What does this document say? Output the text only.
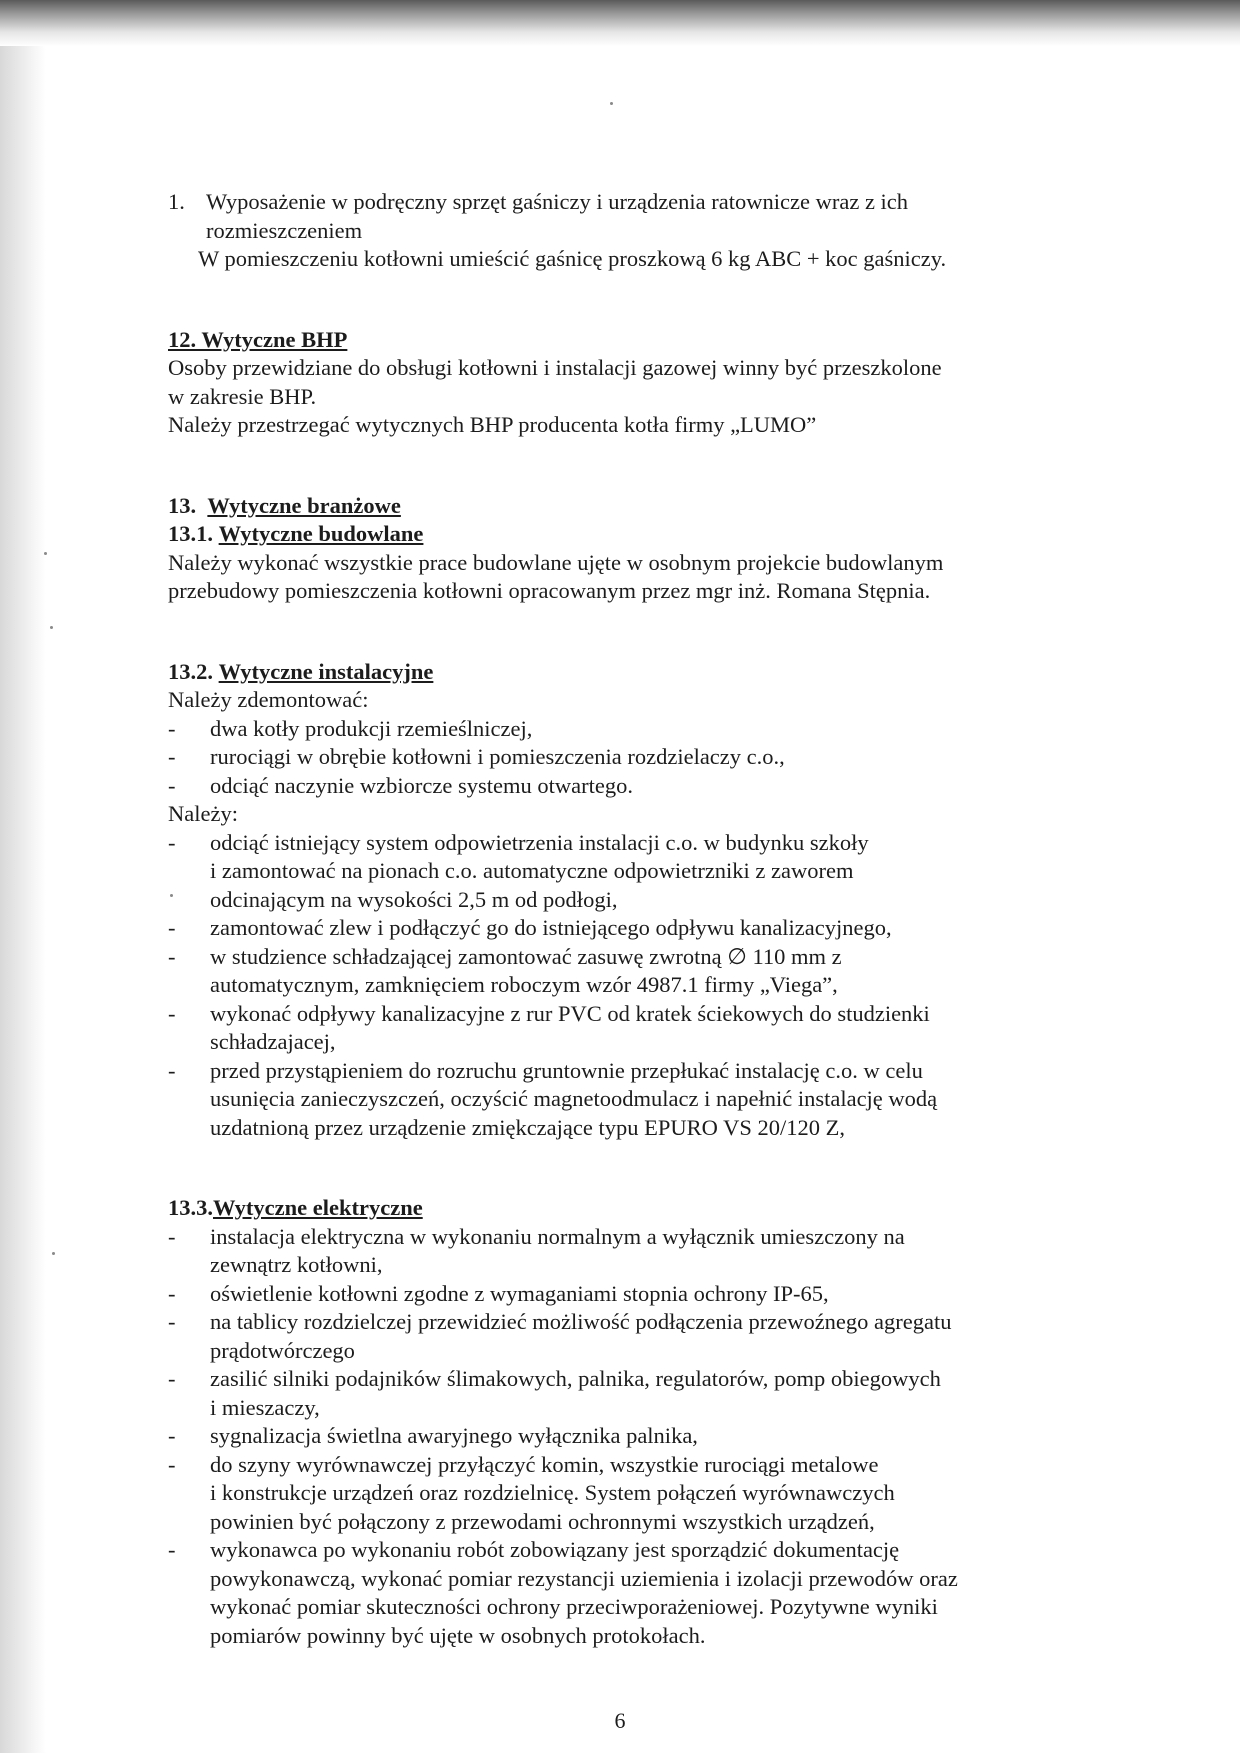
1. Wyposażenie w podręczny sprzęt gaśniczy i urządzenia ratownicze wraz z ich
rozmieszczeniem
W pomieszczeniu kotłowni umieścić gaśnicę proszkową 6 kg ABC + koc gaśniczy.
12. Wytyczne BHP
Osoby przewidziane do obsługi kotłowni i instalacji gazowej winny być przeszkolone
w zakresie BHP.
Należy przestrzegać wytycznych BHP producenta kotła firmy „LUMO”
13. Wytyczne branżowe
13.1. Wytyczne budowlane
Należy wykonać wszystkie prace budowlane ujęte w osobnym projekcie budowlanym
przebudowy pomieszczenia kotłowni opracowanym przez mgr inż. Romana Stępnia.
13.2. Wytyczne instalacyjne
Należy zdemontować:
-	dwa kotły produkcji rzemieślniczej,
-	rurociągi w obrębie kotłowni i pomieszczenia rozdzielaczy c.o.,
-	odciąć naczynie wzbiorcze systemu otwartego.
Należy:
-	odciąć istniejący system odpowietrzenia instalacji c.o. w budynku szkoły
i zamontować na pionach c.o. automatyczne odpowietrzniki z zaworem
odcinającym na wysokości 2,5 m od podłogi,
-	zamontować zlew i podłączyć go do istniejącego odpływu kanalizacyjnego,
-	w studzience schładzającej zamontować zasuwę zwrotną ∅ 110 mm z
automatycznym, zamknięciem roboczym wzór 4987.1 firmy „Viega”,
-	wykonać odpływy kanalizacyjne z rur PVC od kratek ściekowych do studzienki
schładzajacej,
-	przed przystąpieniem do rozruchu gruntownie przepłukać instalację c.o. w celu
usunięcia zanieczyszczeń, oczyścić magnetoodmulacz i napełnić instalację wodą
uzdatnioną przez urządzenie zmiękczające typu EPURO VS 20/120 Z,
13.3.Wytyczne elektryczne
-	instalacja elektryczna w wykonaniu normalnym a wyłącznik umieszczony na
zewnątrz kotłowni,
-	oświetlenie kotłowni zgodne z wymaganiami stopnia ochrony IP-65,
-	na tablicy rozdzielczej przewidzieć możliwość podłączenia przewoźnego agregatu
prądotwórczego
-	zasilić silniki podajników ślimakowych, palnika, regulatorów, pomp obiegowych
i mieszaczy,
-	sygnalizacja świetlna awaryjnego wyłącznika palnika,
-	do szyny wyrównawczej przyłączyć komin, wszystkie rurociągi metalowe
i konstrukcje urządzeń oraz rozdzielnicę. System połączeń wyrównawczych
powinien być połączony z przewodami ochronnymi wszystkich urządzeń,
-	wykonawca po wykonaniu robót zobowiązany jest sporządzić dokumentację
powykonawczą, wykonać pomiar rezystancji uziemienia i izolacji przewodów oraz
wykonać pomiar skuteczności ochrony przeciwporażeniowej. Pozytywne wyniki
pomiarów powinny być ujęte w osobnych protokołach.
6
